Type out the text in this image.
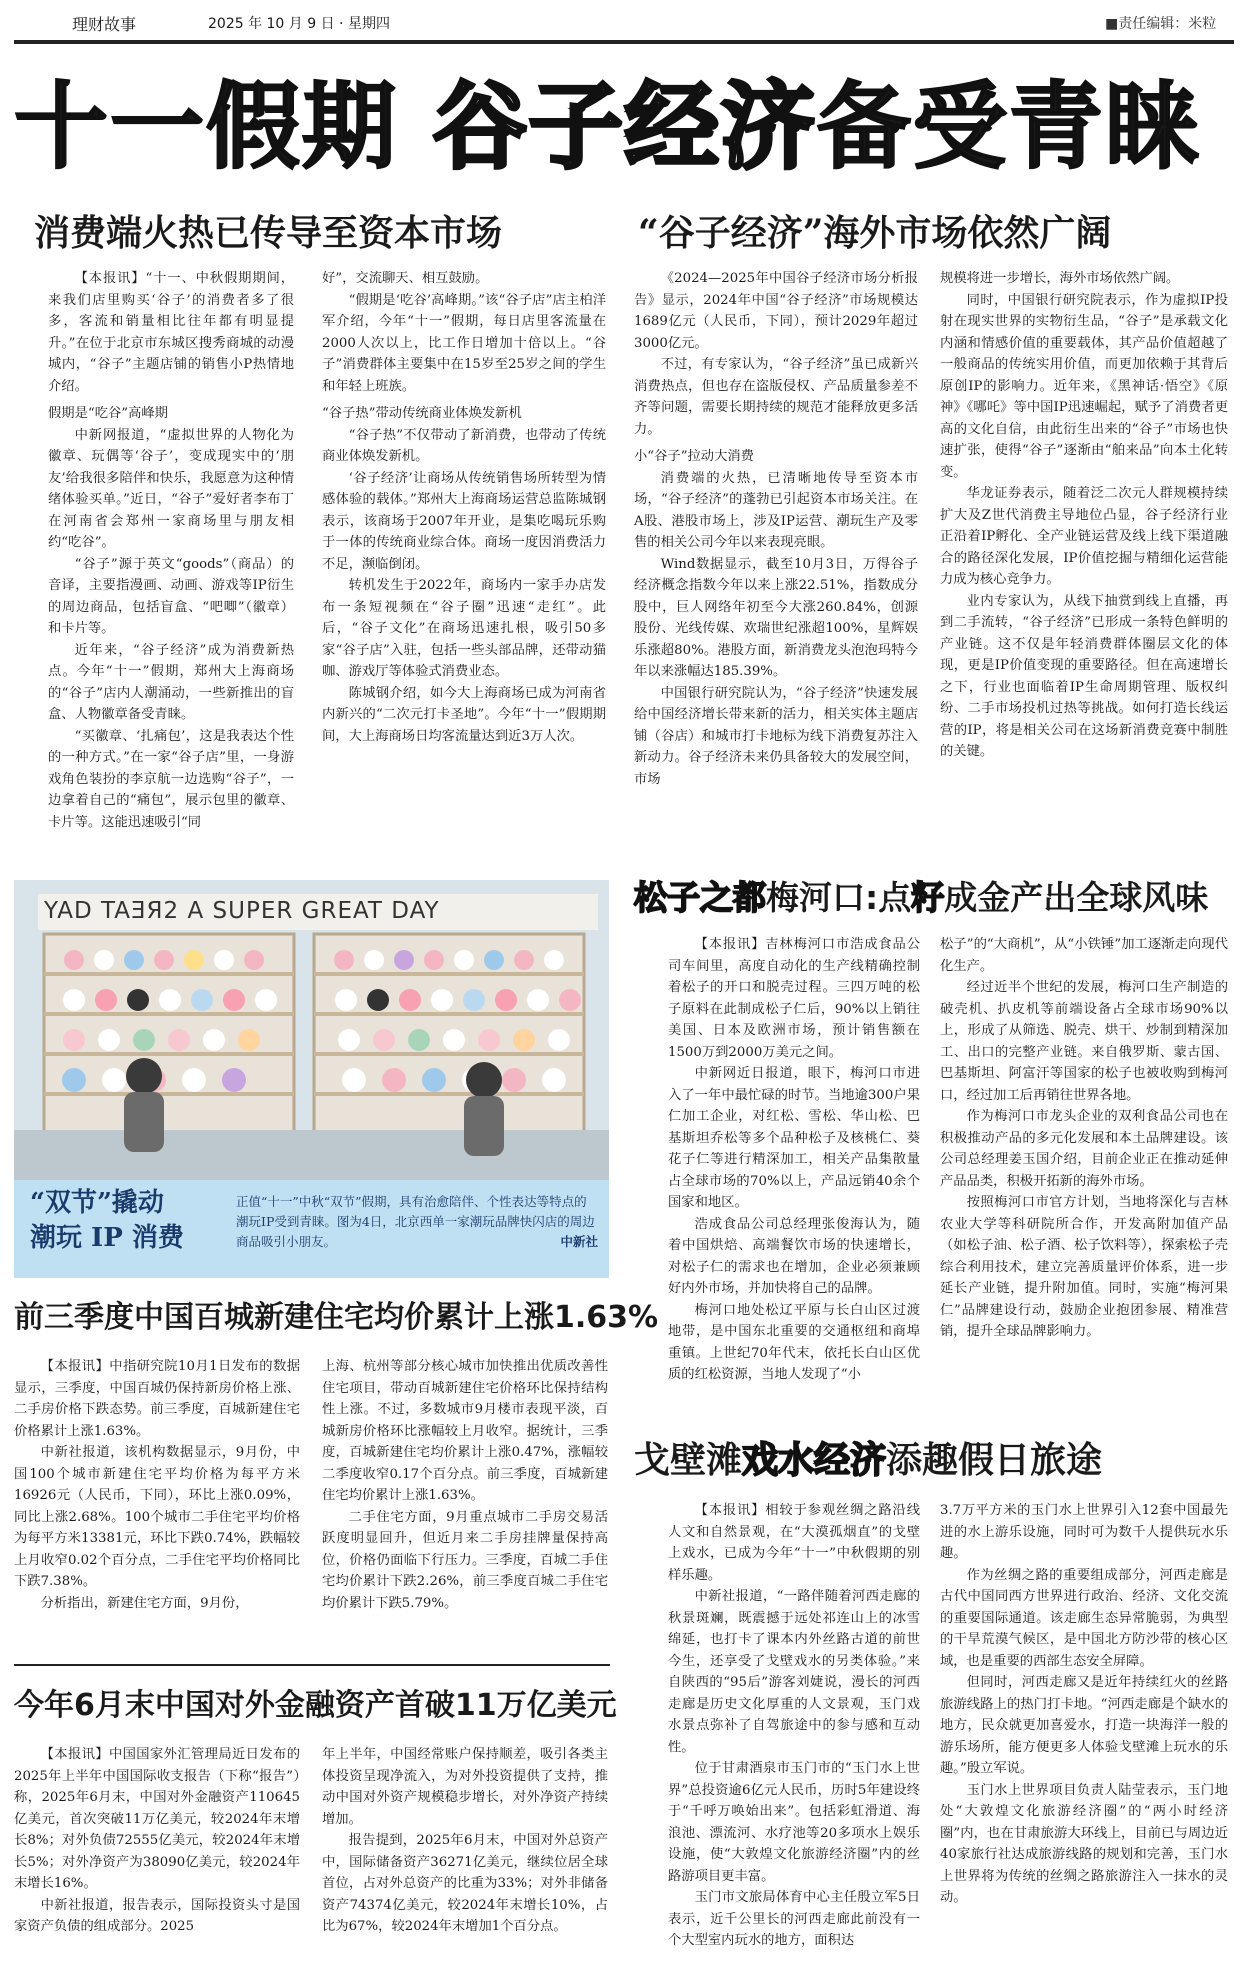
理财故事	2025 年 10 月 9 日 · 星期四	■责任编辑：米粒
十一假期 谷子经济备受青睐
消费端火热已传导至资本市场	“谷子经济”海外市场依然广阔

【本报讯】“十一、中秋假期期间，来我们店里购买‘谷子’的消费者多了很多，客流和销量相比往年都有明显提升。”在位于北京市东城区搜秀商城的动漫城内，“谷子”主题店铺的销售小P热情地介绍。

假期是“吃谷”高峰期

中新网报道，“虚拟世界的人物化为徽章、玩偶等‘谷子’，变成现实中的‘朋友’给我很多陪伴和快乐，我愿意为这种情绪体验买单。”近日，“谷子”爱好者李布丁在河南省会郑州一家商场里与朋友相约“吃谷”。

“谷子”源于英文“goods”（商品）的音译，主要指漫画、动画、游戏等IP衍生的周边商品，包括盲盒、“吧唧”（徽章）和卡片等。

近年来，“谷子经济”成为消费新热点。今年“十一”假期，郑州大上海商场的“谷子”店内人潮涌动，一些新推出的盲盒、人物徽章备受青睐。

“买徽章、‘扎痛包’，这是我表达个性的一种方式。”在一家“谷子店”里，一身游戏角色装扮的李京航一边选购“谷子”，一边拿着自己的“痛包”，展示包里的徽章、卡片等。这能迅速吸引“同

好”，交流聊天、相互鼓励。

“假期是‘吃谷’高峰期。”该“谷子店”店主柏洋军介绍，今年“十一”假期，每日店里客流量在2000人次以上，比工作日增加十倍以上。“谷子”消费群体主要集中在15岁至25岁之间的学生和年轻上班族。

“谷子热”带动传统商业体焕发新机

“谷子热”不仅带动了新消费，也带动了传统商业体焕发新机。

‘谷子经济’让商场从传统销售场所转型为情感体验的载体。”郑州大上海商场运营总监陈城钢表示，该商场于2007年开业，是集吃喝玩乐购于一体的传统商业综合体。商场一度因消费活力不足，濒临倒闭。

转机发生于2022年，商场内一家手办店发布一条短视频在“谷子圈”迅速“走红”。此后，“谷子文化”在商场迅速扎根，吸引50多家“谷子店”入驻，包括一些头部品牌，还带动猫咖、游戏厅等体验式消费业态。

陈城钢介绍，如今大上海商场已成为河南省内新兴的“二次元打卡圣地”。今年“十一”假期期间，大上海商场日均客流量达到近3万人次。

《2024—2025年中国谷子经济市场分析报告》显示，2024年中国“谷子经济”市场规模达1689亿元（人民币，下同），预计2029年超过3000亿元。

不过，有专家认为，“谷子经济”虽已成新兴消费热点，但也存在盗版侵权、产品质量参差不齐等问题，需要长期持续的规范才能释放更多活力。

小“谷子”拉动大消费

消费端的火热，已清晰地传导至资本市场，“谷子经济”的蓬勃已引起资本市场关注。在A股、港股市场上，涉及IP运营、潮玩生产及零售的相关公司今年以来表现亮眼。

Wind数据显示，截至10月3日，万得谷子经济概念指数今年以来上涨22.51%，指数成分股中，巨人网络年初至今大涨260.84%，创源股份、光线传媒、欢瑞世纪涨超100%，星辉娱乐涨超80%。港股方面，新消费龙头泡泡玛特今年以来涨幅达185.39%。

中国银行研究院认为，“谷子经济”快速发展给中国经济增长带来新的活力，相关实体主题店铺（谷店）和城市打卡地标为线下消费复苏注入新动力。谷子经济未来仍具备较大的发展空间，市场

规模将进一步增长，海外市场依然广阔。

同时，中国银行研究院表示，作为虚拟IP投射在现实世界的实物衍生品，“谷子”是承载文化内涵和情感价值的重要载体，其产品价值超越了一般商品的传统实用价值，而更加依赖于其背后原创IP的影响力。近年来，《黑神话·悟空》《原神》《哪吒》等中国IP迅速崛起，赋予了消费者更高的文化自信，由此衍生出来的“谷子”市场也快速扩张，使得“谷子”逐渐由“舶来品”向本土化转变。

华龙证券表示，随着泛二次元人群规模持续扩大及Z世代消费主导地位凸显，谷子经济行业正沿着IP孵化、全产业链运营及线上线下渠道融合的路径深化发展，IP价值挖掘与精细化运营能力成为核心竞争力。

业内专家认为，从线下抽赏到线上直播，再到二手流转，“谷子经济”已形成一条特色鲜明的产业链。这不仅是年轻消费群体圈层文化的体现，更是IP价值变现的重要路径。但在高速增长之下，行业也面临着IP生命周期管理、版权纠纷、二手市场投机过热等挑战。如何打造长线运营的IP，将是相关公司在这场新消费竞赛中制胜的关键。

YAD TAƎЯ2 A SUPER GREAT DAY
“双节”撬动
潮玩 IP 消费
正值“十一”中秋“双节”假期，具有治愈陪伴、个性表达等特点的潮玩IP受到青睐。图为4日，北京西单一家潮玩品牌快闪店的周边商品吸引小朋友。	中新社
前三季度中国百城新建住宅均价累计上涨1.63%

【本报讯】中指研究院10月1日发布的数据显示，三季度，中国百城仍保持新房价格上涨、二手房价格下跌态势。前三季度，百城新建住宅价格累计上涨1.63%。

中新社报道，该机构数据显示，9月份，中国100个城市新建住宅平均价格为每平方米16926元（人民币，下同），环比上涨0.09%，同比上涨2.68%。100个城市二手住宅平均价格为每平方米13381元，环比下跌0.74%，跌幅较上月收窄0.02个百分点，二手住宅平均价格同比下跌7.38%。

分析指出，新建住宅方面，9月份，

上海、杭州等部分核心城市加快推出优质改善性住宅项目，带动百城新建住宅价格环比保持结构性上涨。不过，多数城市9月楼市表现平淡，百城新房价格环比涨幅较上月收窄。据统计，三季度，百城新建住宅均价累计上涨0.47%，涨幅较二季度收窄0.17个百分点。前三季度，百城新建住宅均价累计上涨1.63%。

二手住宅方面，9月重点城市二手房交易活跃度明显回升，但近月来二手房挂牌量保持高位，价格仍面临下行压力。三季度，百城二手住宅均价累计下跌2.26%，前三季度百城二手住宅均价累计下跌5.79%。

今年6月末中国对外金融资产首破11万亿美元

【本报讯】中国国家外汇管理局近日发布的2025年上半年中国国际收支报告（下称“报告”）称，2025年6月末，中国对外金融资产110645亿美元，首次突破11万亿美元，较2024年末增长8%；对外负债72555亿美元，较2024年末增长5%；对外净资产为38090亿美元，较2024年末增长16%。

中新社报道，报告表示，国际投资头寸是国家资产负债的组成部分。2025

年上半年，中国经常账户保持顺差，吸引各类主体投资呈现净流入，为对外投资提供了支持，推动中国对外资产规模稳步增长，对外净资产持续增加。

报告提到，2025年6月末，中国对外总资产中，国际储备资产36271亿美元，继续位居全球首位，占对外总资产的比重为33%；对外非储备资产74374亿美元，较2024年末增长10%，占比为67%，较2024年末增加1个百分点。

松子之都梅河口:点籽成金产出全球风味

【本报讯】吉林梅河口市浩成食品公司车间里，高度自动化的生产线精确控制着松子的开口和脱壳过程。三四万吨的松子原料在此制成松子仁后，90%以上销往美国、日本及欧洲市场，预计销售额在1500万到2000万美元之间。

中新网近日报道，眼下，梅河口市进入了一年中最忙碌的时节。当地逾300户果仁加工企业，对红松、雪松、华山松、巴基斯坦乔松等多个品种松子及核桃仁、葵花子仁等进行精深加工，相关产品集散量占全球市场的70%以上，产品远销40余个国家和地区。

浩成食品公司总经理张俊海认为，随着中国烘焙、高端餐饮市场的快速增长，对松子仁的需求也在增加，企业必须兼顾好内外市场，并加快将自己的品牌。

梅河口地处松辽平原与长白山区过渡地带，是中国东北重要的交通枢纽和商埠重镇。上世纪70年代末，依托长白山区优质的红松资源，当地人发现了“小

松子”的“大商机”，从“小铁锤”加工逐渐走向现代化生产。

经过近半个世纪的发展，梅河口生产制造的破壳机、扒皮机等前端设备占全球市场90%以上，形成了从筛选、脱壳、烘干、炒制到精深加工、出口的完整产业链。来自俄罗斯、蒙古国、巴基斯坦、阿富汗等国家的松子也被收购到梅河口，经过加工后再销往世界各地。

作为梅河口市龙头企业的双利食品公司也在积极推动产品的多元化发展和本土品牌建设。该公司总经理姜玉国介绍，目前企业正在推动延伸产品品类，积极开拓新的海外市场。

按照梅河口市官方计划，当地将深化与吉林农业大学等科研院所合作，开发高附加值产品（如松子油、松子酒、松子饮料等），探索松子壳综合利用技术，建立完善质量评价体系，进一步延长产业链，提升附加值。同时，实施“梅河果仁”品牌建设行动，鼓励企业抱团参展、精准营销，提升全球品牌影响力。

戈壁滩戏水经济添趣假日旅途

【本报讯】相较于参观丝绸之路沿线人文和自然景观，在“大漠孤烟直”的戈壁上戏水，已成为今年“十一”中秋假期的别样乐趣。

中新社报道，“一路伴随着河西走廊的秋景斑斓，既震撼于远处祁连山上的冰雪绵延，也打卡了课本内外丝路古道的前世今生，还享受了戈壁戏水的另类体验。”来自陕西的“95后”游客刘婕说，漫长的河西走廊是历史文化厚重的人文景观，玉门戏水景点弥补了自驾旅途中的参与感和互动性。

位于甘肃酒泉市玉门市的“玉门水上世界”总投资逾6亿元人民币，历时5年建设终于“千呼万唤始出来”。包括彩虹滑道、海浪池、漂流河、水疗池等20多项水上娱乐设施，使“大敦煌文化旅游经济圈”内的丝路游项目更丰富。

玉门市文旅局体育中心主任殷立军5日表示，近千公里长的河西走廊此前没有一个大型室内玩水的地方，面积达

3.7万平方米的玉门水上世界引入12套中国最先进的水上游乐设施，同时可为数千人提供玩水乐趣。

作为丝绸之路的重要组成部分，河西走廊是古代中国同西方世界进行政治、经济、文化交流的重要国际通道。该走廊生态异常脆弱，为典型的干旱荒漠气候区，是中国北方防沙带的核心区域，也是重要的西部生态安全屏障。

但同时，河西走廊又是近年持续红火的丝路旅游线路上的热门打卡地。“河西走廊是个缺水的地方，民众就更加喜爱水，打造一块海洋一般的游乐场所，能方便更多人体验戈壁滩上玩水的乐趣。”殷立军说。

玉门水上世界项目负责人陆莹表示，玉门地处“大敦煌文化旅游经济圈”的“两小时经济圈”内，也在甘肃旅游大环线上，目前已与周边近40家旅行社达成旅游线路的规划和完善，玉门水上世界将为传统的丝绸之路旅游注入一抹水的灵动。
